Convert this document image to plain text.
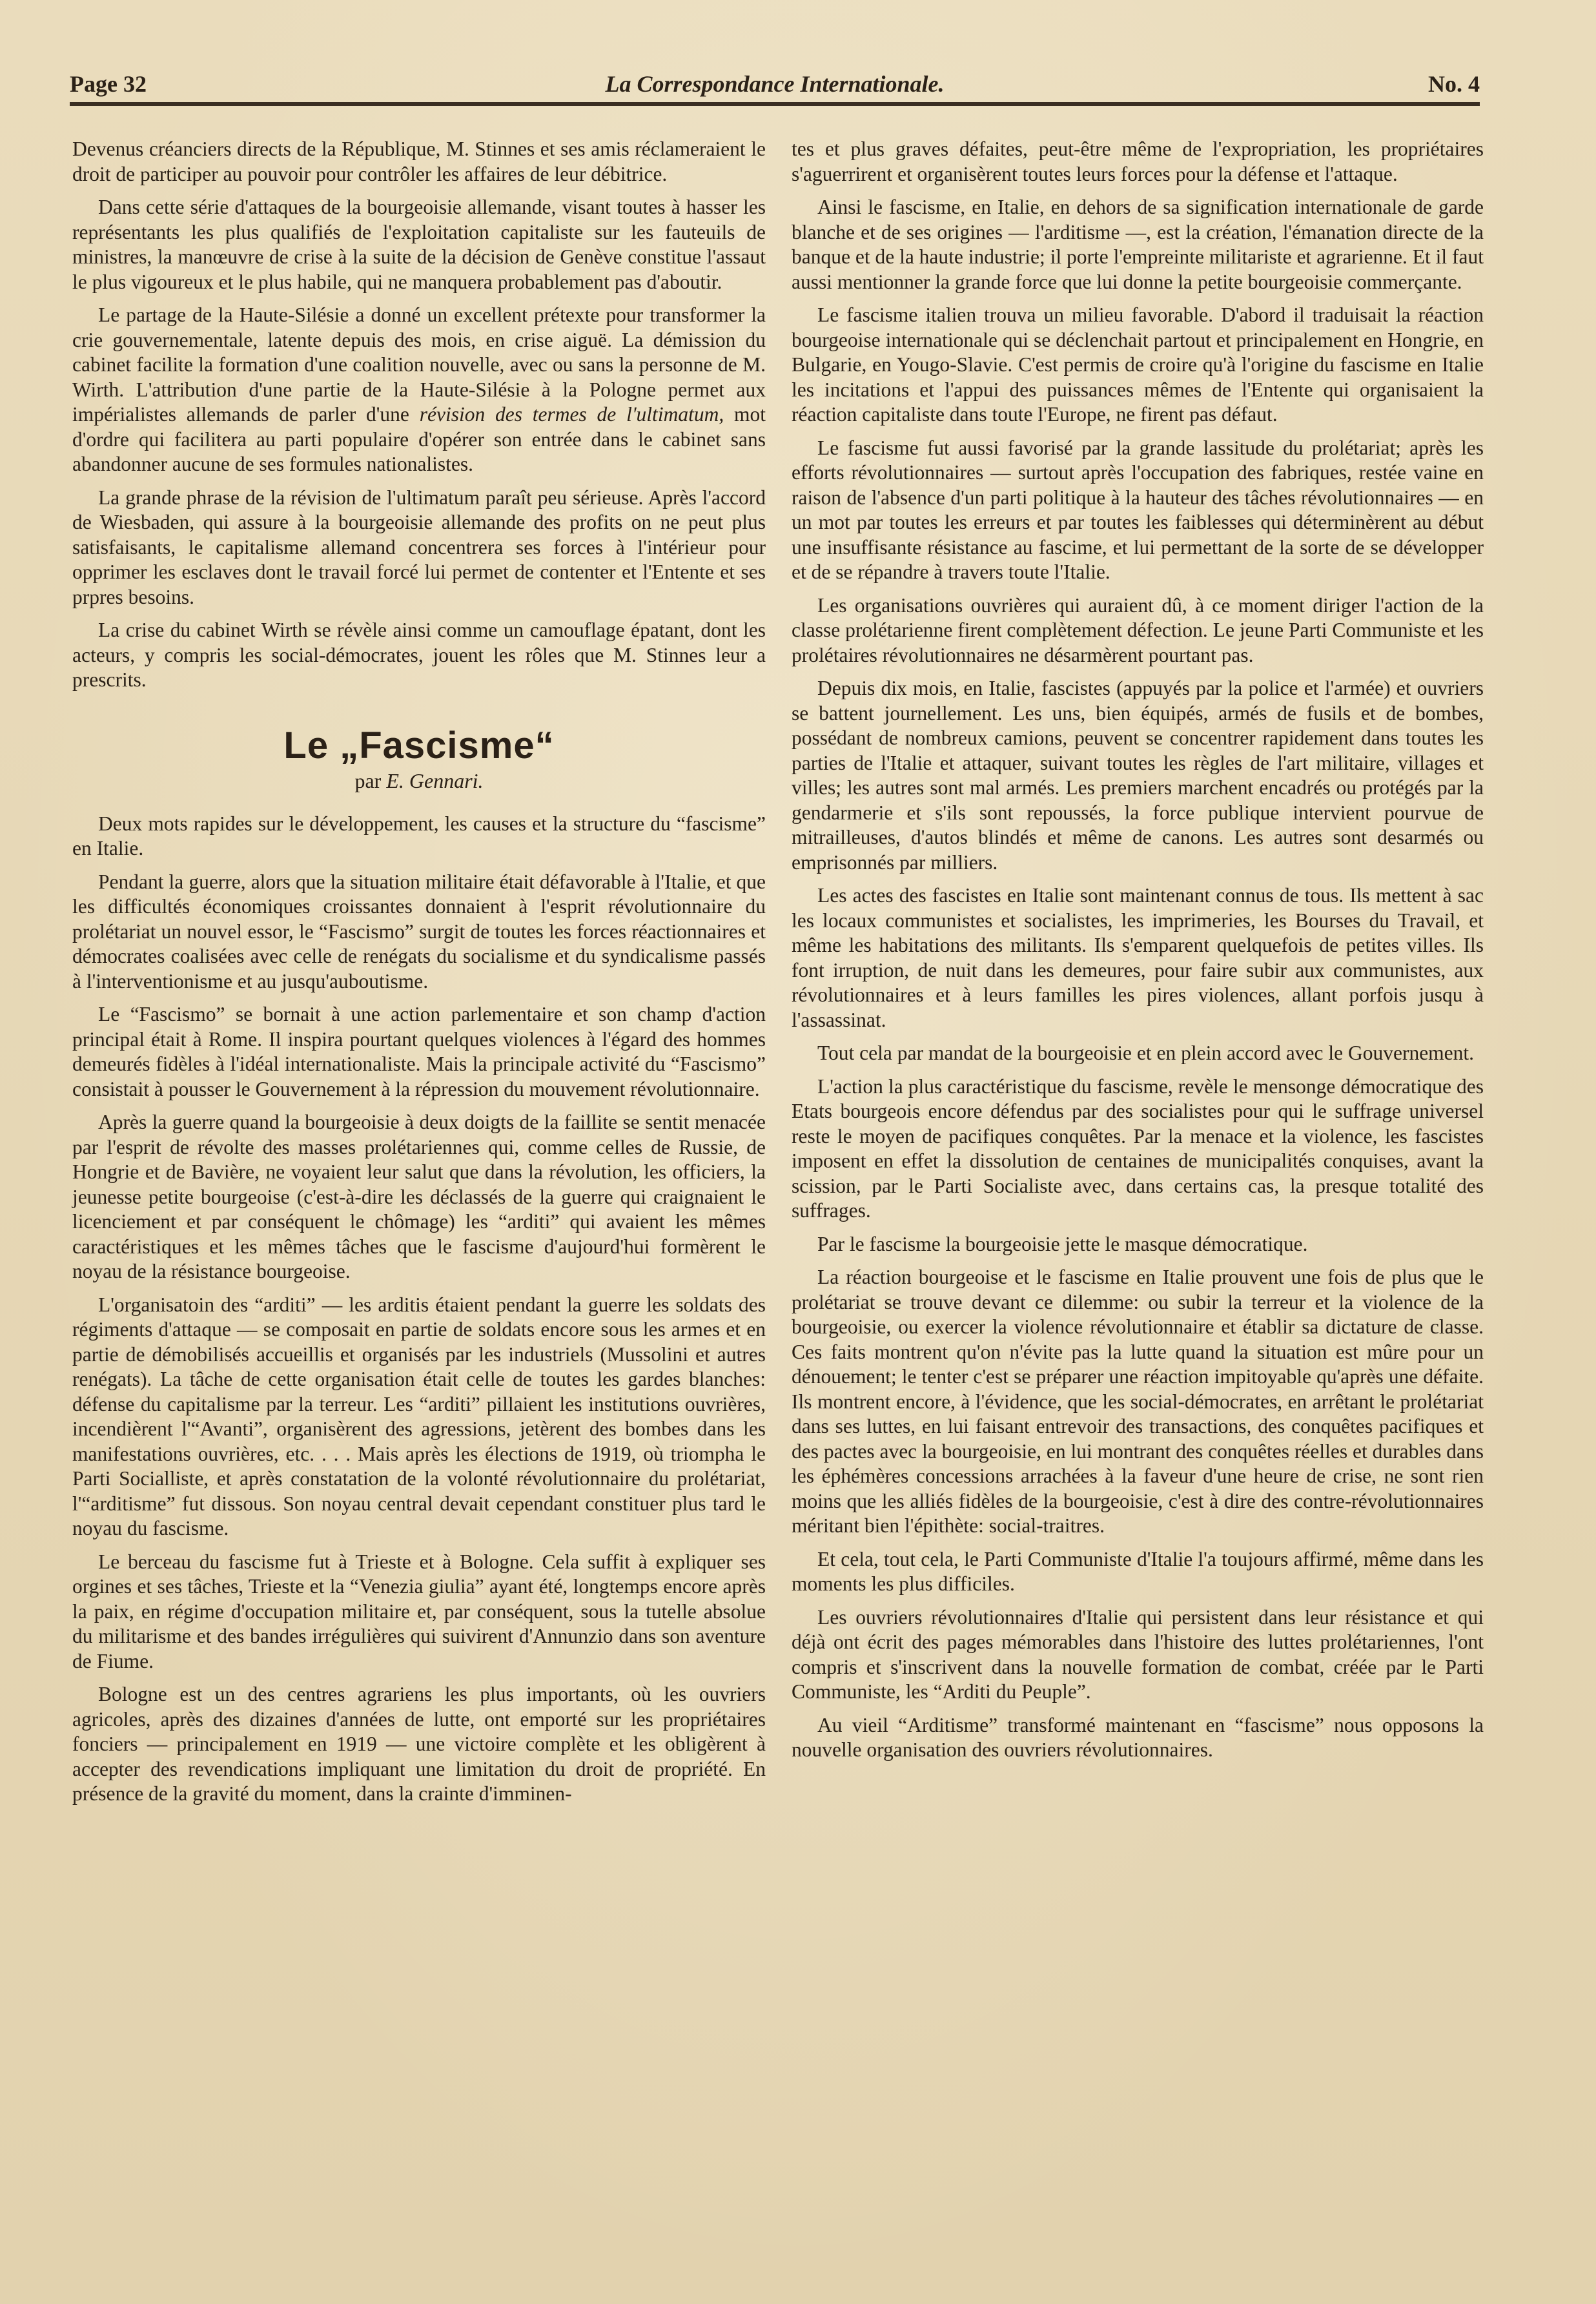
Page 32	La Correspondance Internationale.	No. 4

Devenus créanciers directs de la République, M. Stinnes et ses amis réclameraient le droit de participer au pouvoir pour contrôler les affaires de leur débitrice.

Dans cette série d'attaques de la bourgeoisie allemande, visant toutes à hasser les représentants les plus qualifiés de l'exploitation capitaliste sur les fauteuils de ministres, la manœuvre de crise à la suite de la décision de Genève constitue l'assaut le plus vigoureux et le plus habile, qui ne manquera probablement pas d'aboutir.

Le partage de la Haute-Silésie a donné un excellent prétexte pour transformer la crie gouvernementale, latente depuis des mois, en crise aiguë. La démission du cabinet facilite la formation d'une coalition nouvelle, avec ou sans la personne de M. Wirth. L'attribution d'une partie de la Haute-Silésie à la Pologne permet aux impérialistes allemands de parler d'une révision des termes de l'ultimatum, mot d'ordre qui facilitera au parti populaire d'opérer son entrée dans le cabinet sans abandonner aucune de ses formules nationalistes.

La grande phrase de la révision de l'ultimatum paraît peu sérieuse. Après l'accord de Wiesbaden, qui assure à la bourgeoisie allemande des profits on ne peut plus satisfaisants, le capitalisme allemand concentrera ses forces à l'intérieur pour opprimer les esclaves dont le travail forcé lui permet de contenter et l'Entente et ses prpres besoins.

La crise du cabinet Wirth se révèle ainsi comme un camouflage épatant, dont les acteurs, y compris les social-démocrates, jouent les rôles que M. Stinnes leur a prescrits.

Le „Fascisme“
par E. Gennari.

Deux mots rapides sur le développement, les causes et la structure du “fascisme” en Italie.

Pendant la guerre, alors que la situation militaire était défavorable à l'Italie, et que les difficultés économiques croissantes donnaient à l'esprit révolutionnaire du prolétariat un nouvel essor, le “Fascismo” surgit de toutes les forces réactionnaires et démocrates coalisées avec celle de renégats du socialisme et du syndicalisme passés à l'interventionisme et au jusqu'auboutisme.

Le “Fascismo” se bornait à une action parlementaire et son champ d'action principal était à Rome. Il inspira pourtant quelques violences à l'égard des hommes demeurés fidèles à l'idéal internationaliste. Mais la principale activité du “Fascismo” consistait à pousser le Gouvernement à la répression du mouvement révolutionnaire.

Après la guerre quand la bourgeoisie à deux doigts de la faillite se sentit menacée par l'esprit de révolte des masses prolétariennes qui, comme celles de Russie, de Hongrie et de Bavière, ne voyaient leur salut que dans la révolution, les officiers, la jeunesse petite bourgeoise (c'est-à-dire les déclassés de la guerre qui craignaient le licenciement et par conséquent le chômage) les “arditi” qui avaient les mêmes caractéristiques et les mêmes tâches que le fascisme d'aujourd'hui formèrent le noyau de la résistance bourgeoise.

L'organisatoin des “arditi” — les arditis étaient pendant la guerre les soldats des régiments d'attaque — se composait en partie de soldats encore sous les armes et en partie de démobilisés accueillis et organisés par les industriels (Mussolini et autres renégats). La tâche de cette organisation était celle de toutes les gardes blanches: défense du capitalisme par la terreur. Les “arditi” pillaient les institutions ouvrières, incendièrent l'“Avanti”, organisèrent des agressions, jetèrent des bombes dans les manifestations ouvrières, etc. . . . Mais après les élections de 1919, où triompha le Parti Socialliste, et après constatation de la volonté révolutionnaire du prolétariat, l'“arditisme” fut dissous. Son noyau central devait cependant constituer plus tard le noyau du fascisme.

Le berceau du fascisme fut à Trieste et à Bologne. Cela suffit à expliquer ses orgines et ses tâches, Trieste et la “Venezia giulia” ayant été, longtemps encore après la paix, en régime d'occupation militaire et, par conséquent, sous la tutelle absolue du militarisme et des bandes irrégulières qui suivirent d'Annunzio dans son aventure de Fiume.

Bologne est un des centres agrariens les plus importants, où les ouvriers agricoles, après des dizaines d'années de lutte, ont emporté sur les propriétaires fonciers — principalement en 1919 — une victoire complète et les obligèrent à accepter des revendications impliquant une limitation du droit de propriété. En présence de la gravité du moment, dans la crainte d'imminen-

tes et plus graves défaites, peut-être même de l'expropriation, les propriétaires s'aguerrirent et organisèrent toutes leurs forces pour la défense et l'attaque.

Ainsi le fascisme, en Italie, en dehors de sa signification internationale de garde blanche et de ses origines — l'arditisme —, est la création, l'émanation directe de la banque et de la haute industrie; il porte l'empreinte militariste et agrarienne. Et il faut aussi mentionner la grande force que lui donne la petite bourgeoisie commerçante.

Le fascisme italien trouva un milieu favorable. D'abord il traduisait la réaction bourgeoise internationale qui se déclenchait partout et principalement en Hongrie, en Bulgarie, en Yougo-Slavie. C'est permis de croire qu'à l'origine du fascisme en Italie les incitations et l'appui des puissances mêmes de l'Entente qui organisaient la réaction capitaliste dans toute l'Europe, ne firent pas défaut.

Le fascisme fut aussi favorisé par la grande lassitude du prolétariat; après les efforts révolutionnaires — surtout après l'occupation des fabriques, restée vaine en raison de l'absence d'un parti politique à la hauteur des tâches révolutionnaires — en un mot par toutes les erreurs et par toutes les faiblesses qui déterminèrent au début une insuffisante résistance au fascime, et lui permettant de la sorte de se développer et de se répandre à travers toute l'Italie.

Les organisations ouvrières qui auraient dû, à ce moment diriger l'action de la classe prolétarienne firent complètement défection. Le jeune Parti Communiste et les prolétaires révolutionnaires ne désarmèrent pourtant pas.

Depuis dix mois, en Italie, fascistes (appuyés par la police et l'armée) et ouvriers se battent journellement. Les uns, bien équipés, armés de fusils et de bombes, possédant de nombreux camions, peuvent se concentrer rapidement dans toutes les parties de l'Italie et attaquer, suivant toutes les règles de l'art militaire, villages et villes; les autres sont mal armés. Les premiers marchent encadrés ou protégés par la gendarmerie et s'ils sont repoussés, la force publique intervient pourvue de mitrailleuses, d'autos blindés et même de canons. Les autres sont desarmés ou emprisonnés par milliers.

Les actes des fascistes en Italie sont maintenant connus de tous. Ils mettent à sac les locaux communistes et socialistes, les imprimeries, les Bourses du Travail, et même les habitations des militants. Ils s'emparent quelquefois de petites villes. Ils font irruption, de nuit dans les demeures, pour faire subir aux communistes, aux révolutionnaires et à leurs familles les pires violences, allant porfois jusqu à l'assassinat.

Tout cela par mandat de la bourgeoisie et en plein accord avec le Gouvernement.

L'action la plus caractéristique du fascisme, revèle le mensonge démocratique des Etats bourgeois encore défendus par des socialistes pour qui le suffrage universel reste le moyen de pacifiques conquêtes. Par la menace et la violence, les fascistes imposent en effet la dissolution de centaines de municipalités conquises, avant la scission, par le Parti Socialiste avec, dans certains cas, la presque totalité des suffrages.

Par le fascisme la bourgeoisie jette le masque démocratique.

La réaction bourgeoise et le fascisme en Italie prouvent une fois de plus que le prolétariat se trouve devant ce dilemme: ou subir la terreur et la violence de la bourgeoisie, ou exercer la violence révolutionnaire et établir sa dictature de classe. Ces faits montrent qu'on n'évite pas la lutte quand la situation est mûre pour un dénouement; le tenter c'est se préparer une réaction impitoyable qu'après une défaite. Ils montrent encore, à l'évidence, que les social-démocrates, en arrêtant le prolétariat dans ses luttes, en lui faisant entrevoir des transactions, des conquêtes pacifiques et des pactes avec la bourgeoisie, en lui montrant des conquêtes réelles et durables dans les éphémères concessions arrachées à la faveur d'une heure de crise, ne sont rien moins que les alliés fidèles de la bourgeoisie, c'est à dire des contre-révolutionnaires méritant bien l'épithète: social-traitres.

Et cela, tout cela, le Parti Communiste d'Italie l'a toujours affirmé, même dans les moments les plus difficiles.

Les ouvriers révolutionnaires d'Italie qui persistent dans leur résistance et qui déjà ont écrit des pages mémorables dans l'histoire des luttes prolétariennes, l'ont compris et s'inscrivent dans la nouvelle formation de combat, créée par le Parti Communiste, les “Arditi du Peuple”.

Au vieil “Arditisme” transformé maintenant en “fascisme” nous opposons la nouvelle organisation des ouvriers révolutionnaires.
